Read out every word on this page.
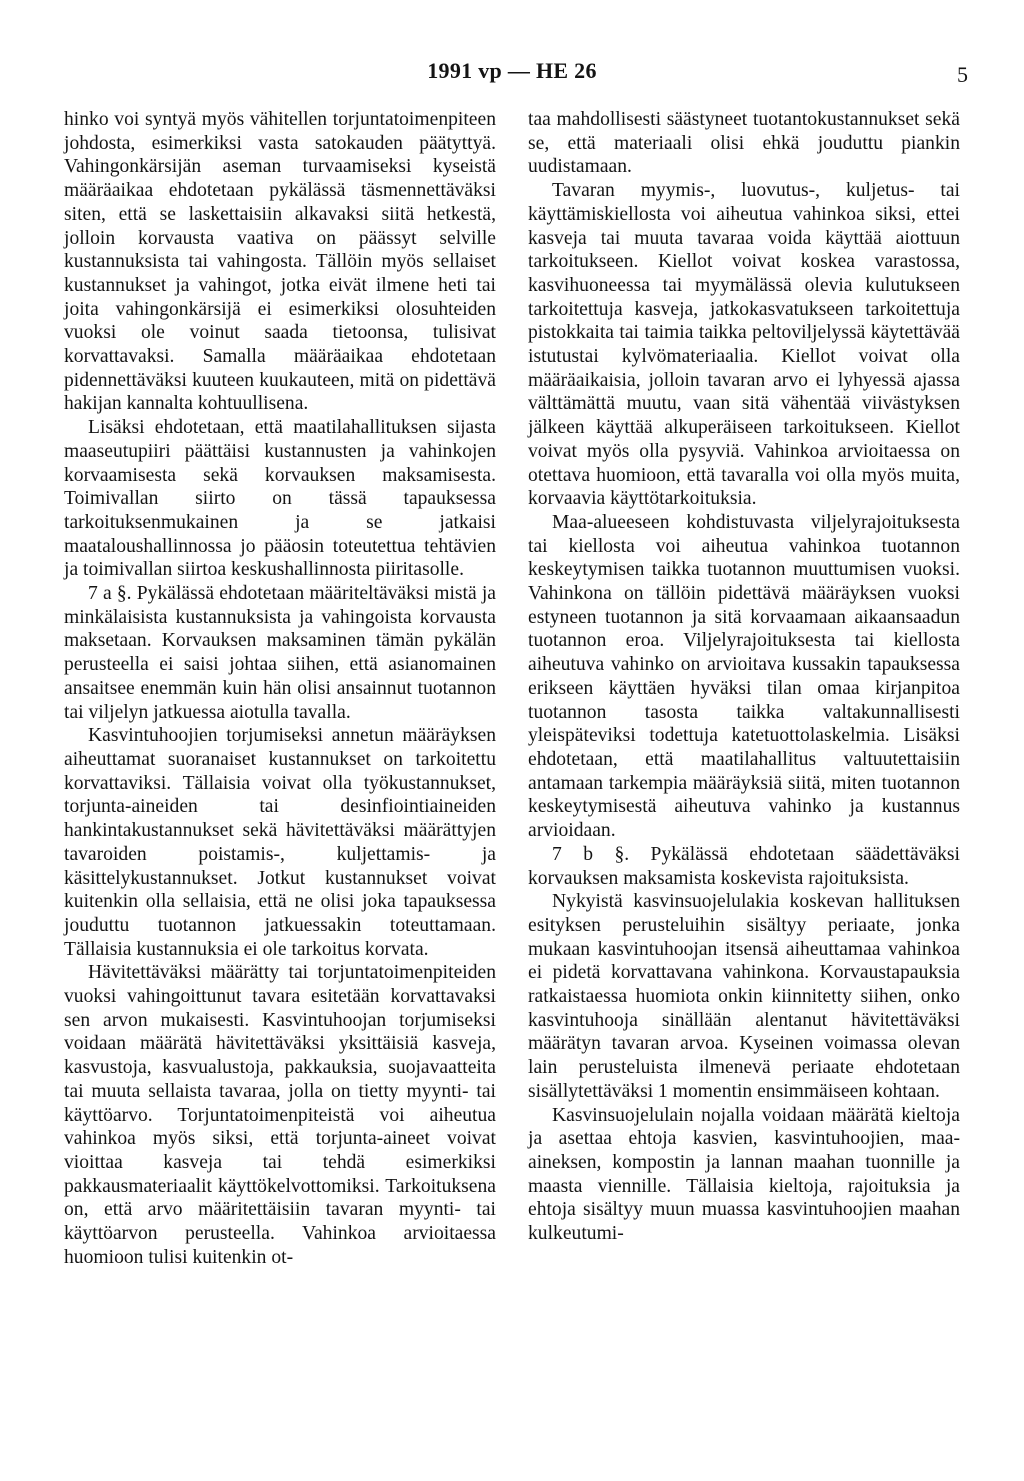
1991 vp — HE 26	5

hinko voi syntyä myös vähitellen torjuntatoimenpiteen johdosta, esimerkiksi vasta satokauden päätyttyä. Vahingonkärsijän aseman turvaamiseksi kyseistä määräaikaa ehdotetaan pykälässä täsmennettäväksi siten, että se laskettaisiin alkavaksi siitä hetkestä, jolloin korvausta vaativa on päässyt selville kustannuksista tai vahingosta. Tällöin myös sellaiset kustannukset ja vahingot, jotka eivät ilmene heti tai joita vahingonkärsijä ei esimerkiksi olosuhteiden vuoksi ole voinut saada tietoonsa, tulisivat korvattavaksi. Samalla määräaikaa ehdotetaan pidennettäväksi kuuteen kuukauteen, mitä on pidettävä hakijan kannalta kohtuullisena.

Lisäksi ehdotetaan, että maatilahallituksen sijasta maaseutupiiri päättäisi kustannusten ja vahinkojen korvaamisesta sekä korvauksen maksamisesta. Toimivallan siirto on tässä tapauksessa tarkoituksenmukainen ja se jatkaisi maataloushallinnossa jo pääosin toteutettua tehtävien ja toimivallan siirtoa keskushallinnosta piiritasolle.

7 a §. Pykälässä ehdotetaan määriteltäväksi mistä ja minkälaisista kustannuksista ja vahingoista korvausta maksetaan. Korvauksen maksaminen tämän pykälän perusteella ei saisi johtaa siihen, että asianomainen ansaitsee enemmän kuin hän olisi ansainnut tuotannon tai viljelyn jatkuessa aiotulla tavalla.

Kasvintuhoojien torjumiseksi annetun määräyksen aiheuttamat suoranaiset kustannukset on tarkoitettu korvattaviksi. Tällaisia voivat olla työkustannukset, torjunta-aineiden tai desinfiointiaineiden hankintakustannukset sekä hävitettäväksi määrättyjen tavaroiden poistamis-, kuljettamis- ja käsittelykustannukset. Jotkut kustannukset voivat kuitenkin olla sellaisia, että ne olisi joka tapauksessa jouduttu tuotannon jatkuessakin toteuttamaan. Tällaisia kustannuksia ei ole tarkoitus korvata.

Hävitettäväksi määrätty tai torjuntatoimenpiteiden vuoksi vahingoittunut tavara esitetään korvattavaksi sen arvon mukaisesti. Kasvintuhoojan torjumiseksi voidaan määrätä hävitettäväksi yksittäisiä kasveja, kasvustoja, kasvualustoja, pakkauksia, suojavaatteita tai muuta sellaista tavaraa, jolla on tietty myynti- tai käyttöarvo. Torjuntatoimenpiteistä voi aiheutua vahinkoa myös siksi, että torjunta-aineet voivat vioittaa kasveja tai tehdä esimerkiksi pakkausmateriaalit käyttökelvottomiksi. Tarkoituksena on, että arvo määritettäisiin tavaran myynti- tai käyttöarvon perusteella. Vahinkoa arvioitaessa huomioon tulisi kuitenkin ot-

taa mahdollisesti säästyneet tuotantokustannukset sekä se, että materiaali olisi ehkä jouduttu piankin uudistamaan.

Tavaran myymis-, luovutus-, kuljetus- tai käyttämiskiellosta voi aiheutua vahinkoa siksi, ettei kasveja tai muuta tavaraa voida käyttää aiottuun tarkoitukseen. Kiellot voivat koskea varastossa, kasvihuoneessa tai myymälässä olevia kulutukseen tarkoitettuja kasveja, jatkokasvatukseen tarkoitettuja pistokkaita tai taimia taikka peltoviljelyssä käytettävää istutustai kylvömateriaalia. Kiellot voivat olla määräaikaisia, jolloin tavaran arvo ei lyhyessä ajassa välttämättä muutu, vaan sitä vähentää viivästyksen jälkeen käyttää alkuperäiseen tarkoitukseen. Kiellot voivat myös olla pysyviä. Vahinkoa arvioitaessa on otettava huomioon, että tavaralla voi olla myös muita, korvaavia käyttötarkoituksia.

Maa-alueeseen kohdistuvasta viljelyrajoituksesta tai kiellosta voi aiheutua vahinkoa tuotannon keskeytymisen taikka tuotannon muuttumisen vuoksi. Vahinkona on tällöin pidettävä määräyksen vuoksi estyneen tuotannon ja sitä korvaamaan aikaansaadun tuotannon eroa. Viljelyrajoituksesta tai kiellosta aiheutuva vahinko on arvioitava kussakin tapauksessa erikseen käyttäen hyväksi tilan omaa kirjanpitoa tuotannon tasosta taikka valtakunnallisesti yleispäteviksi todettuja katetuottolaskelmia. Lisäksi ehdotetaan, että maatilahallitus valtuutettaisiin antamaan tarkempia määräyksiä siitä, miten tuotannon keskeytymisestä aiheutuva vahinko ja kustannus arvioidaan.

7 b §. Pykälässä ehdotetaan säädettäväksi korvauksen maksamista koskevista rajoituksista.

Nykyistä kasvinsuojelulakia koskevan hallituksen esityksen perusteluihin sisältyy periaate, jonka mukaan kasvintuhoojan itsensä aiheuttamaa vahinkoa ei pidetä korvattavana vahinkona. Korvaustapauksia ratkaistaessa huomiota onkin kiinnitetty siihen, onko kasvintuhooja sinällään alentanut hävitettäväksi määrätyn tavaran arvoa. Kyseinen voimassa olevan lain perusteluista ilmenevä periaate ehdotetaan sisällytettäväksi 1 momentin ensimmäiseen kohtaan.

Kasvinsuojelulain nojalla voidaan määrätä kieltoja ja asettaa ehtoja kasvien, kasvintuhoojien, maa-aineksen, kompostin ja lannan maahan tuonnille ja maasta viennille. Tällaisia kieltoja, rajoituksia ja ehtoja sisältyy muun muassa kasvintuhoojien maahan kulkeutumi-
